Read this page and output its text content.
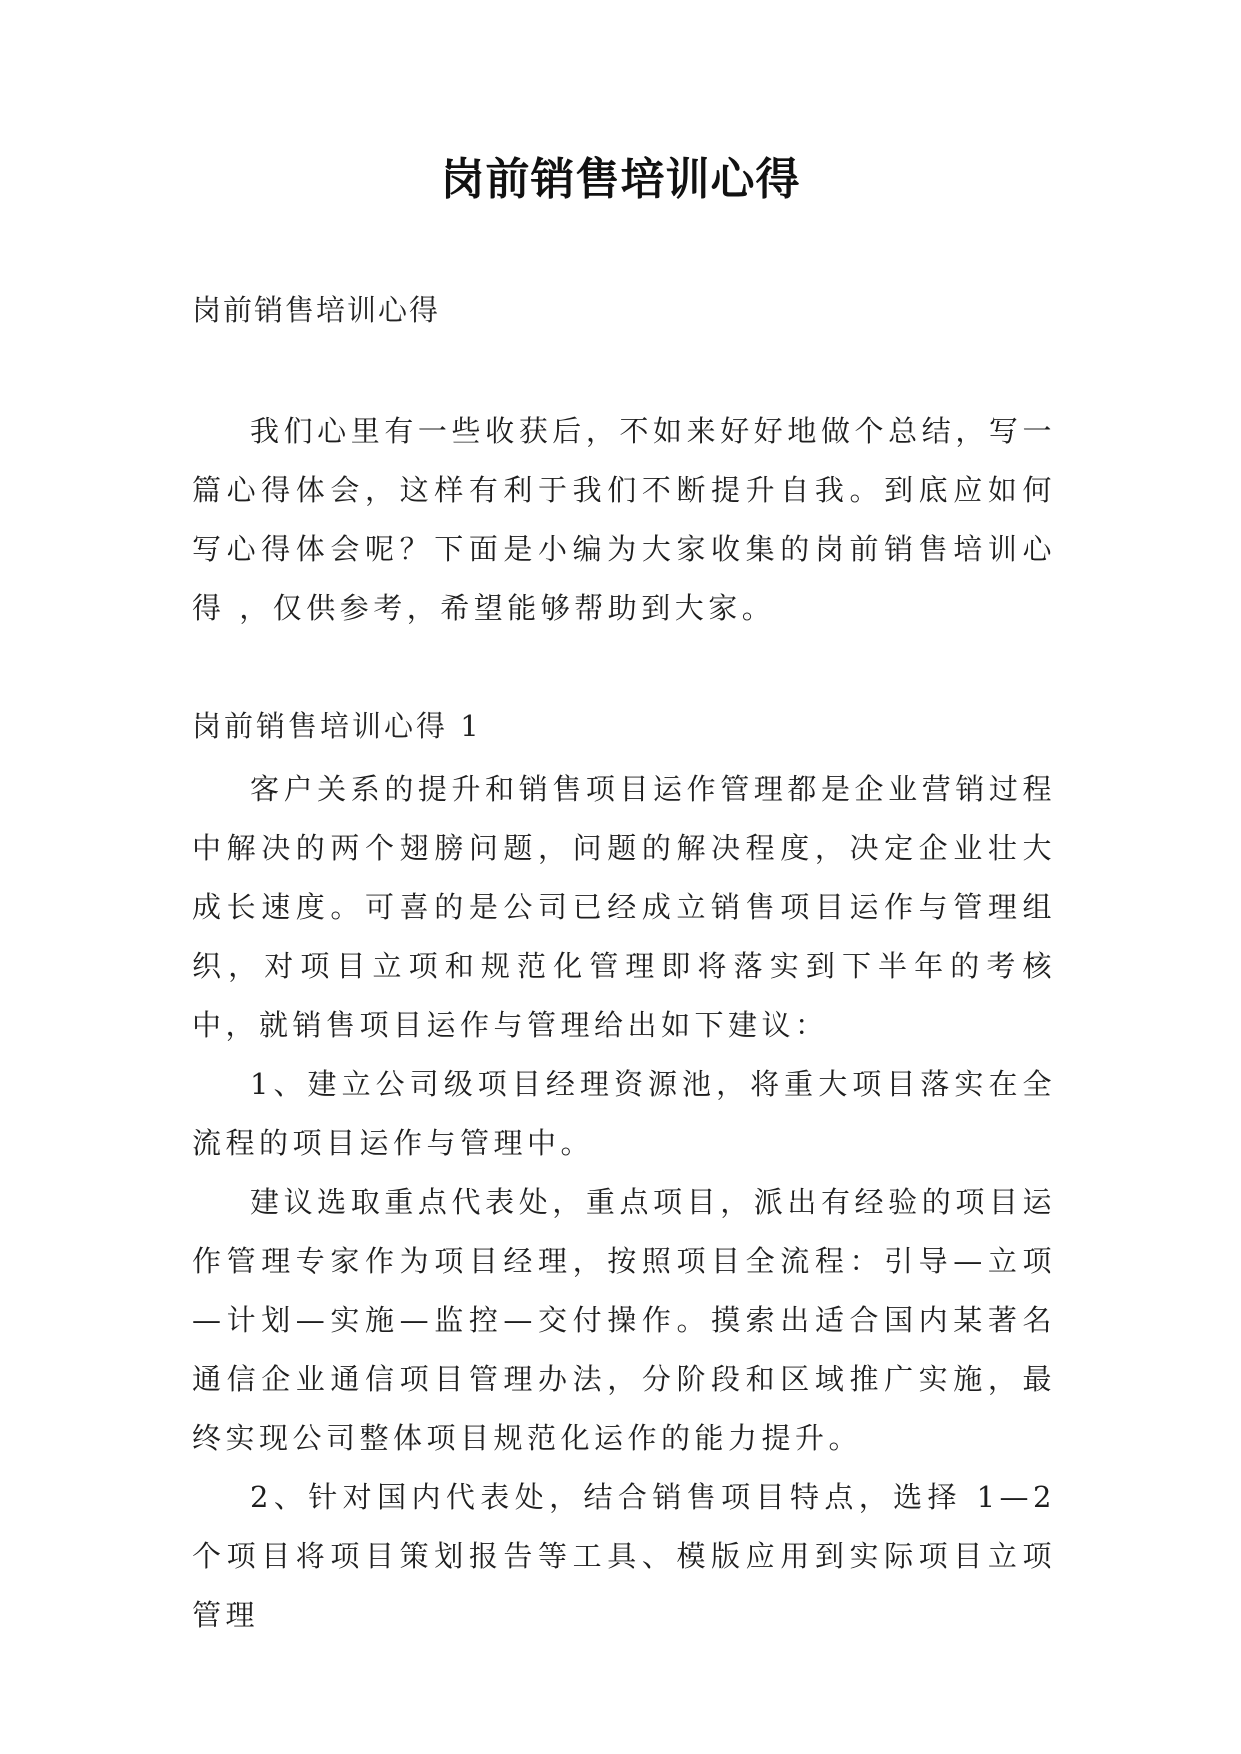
岗前销售培训心得
岗前销售培训心得

我们心里有一些收获后，不如来好好地做个总结，写一篇心得体会，这样有利于我们不断提升自我。到底应如何写心得体会呢？下面是小编为大家收集的岗前销售培训心得 ，仅供参考，希望能够帮助到大家。

岗前销售培训心得 1

客户关系的提升和销售项目运作管理都是企业营销过程中解决的两个翅膀问题，问题的解决程度，决定企业壮大成长速度。可喜的是公司已经成立销售项目运作与管理组织，对项目立项和规范化管理即将落实到下半年的考核中，就销售项目运作与管理给出如下建议：

1、建立公司级项目经理资源池，将重大项目落实在全流程的项目运作与管理中。

建议选取重点代表处，重点项目，派出有经验的项目运作管理专家作为项目经理，按照项目全流程：引导—立项—计划—实施—监控—交付操作。摸索出适合国内某著名通信企业通信项目管理办法，分阶段和区域推广实施，最终实现公司整体项目规范化运作的能力提升。

2、针对国内代表处，结合销售项目特点，选择 1—2 个项目将项目策划报告等工具、模版应用到实际项目立项管理
